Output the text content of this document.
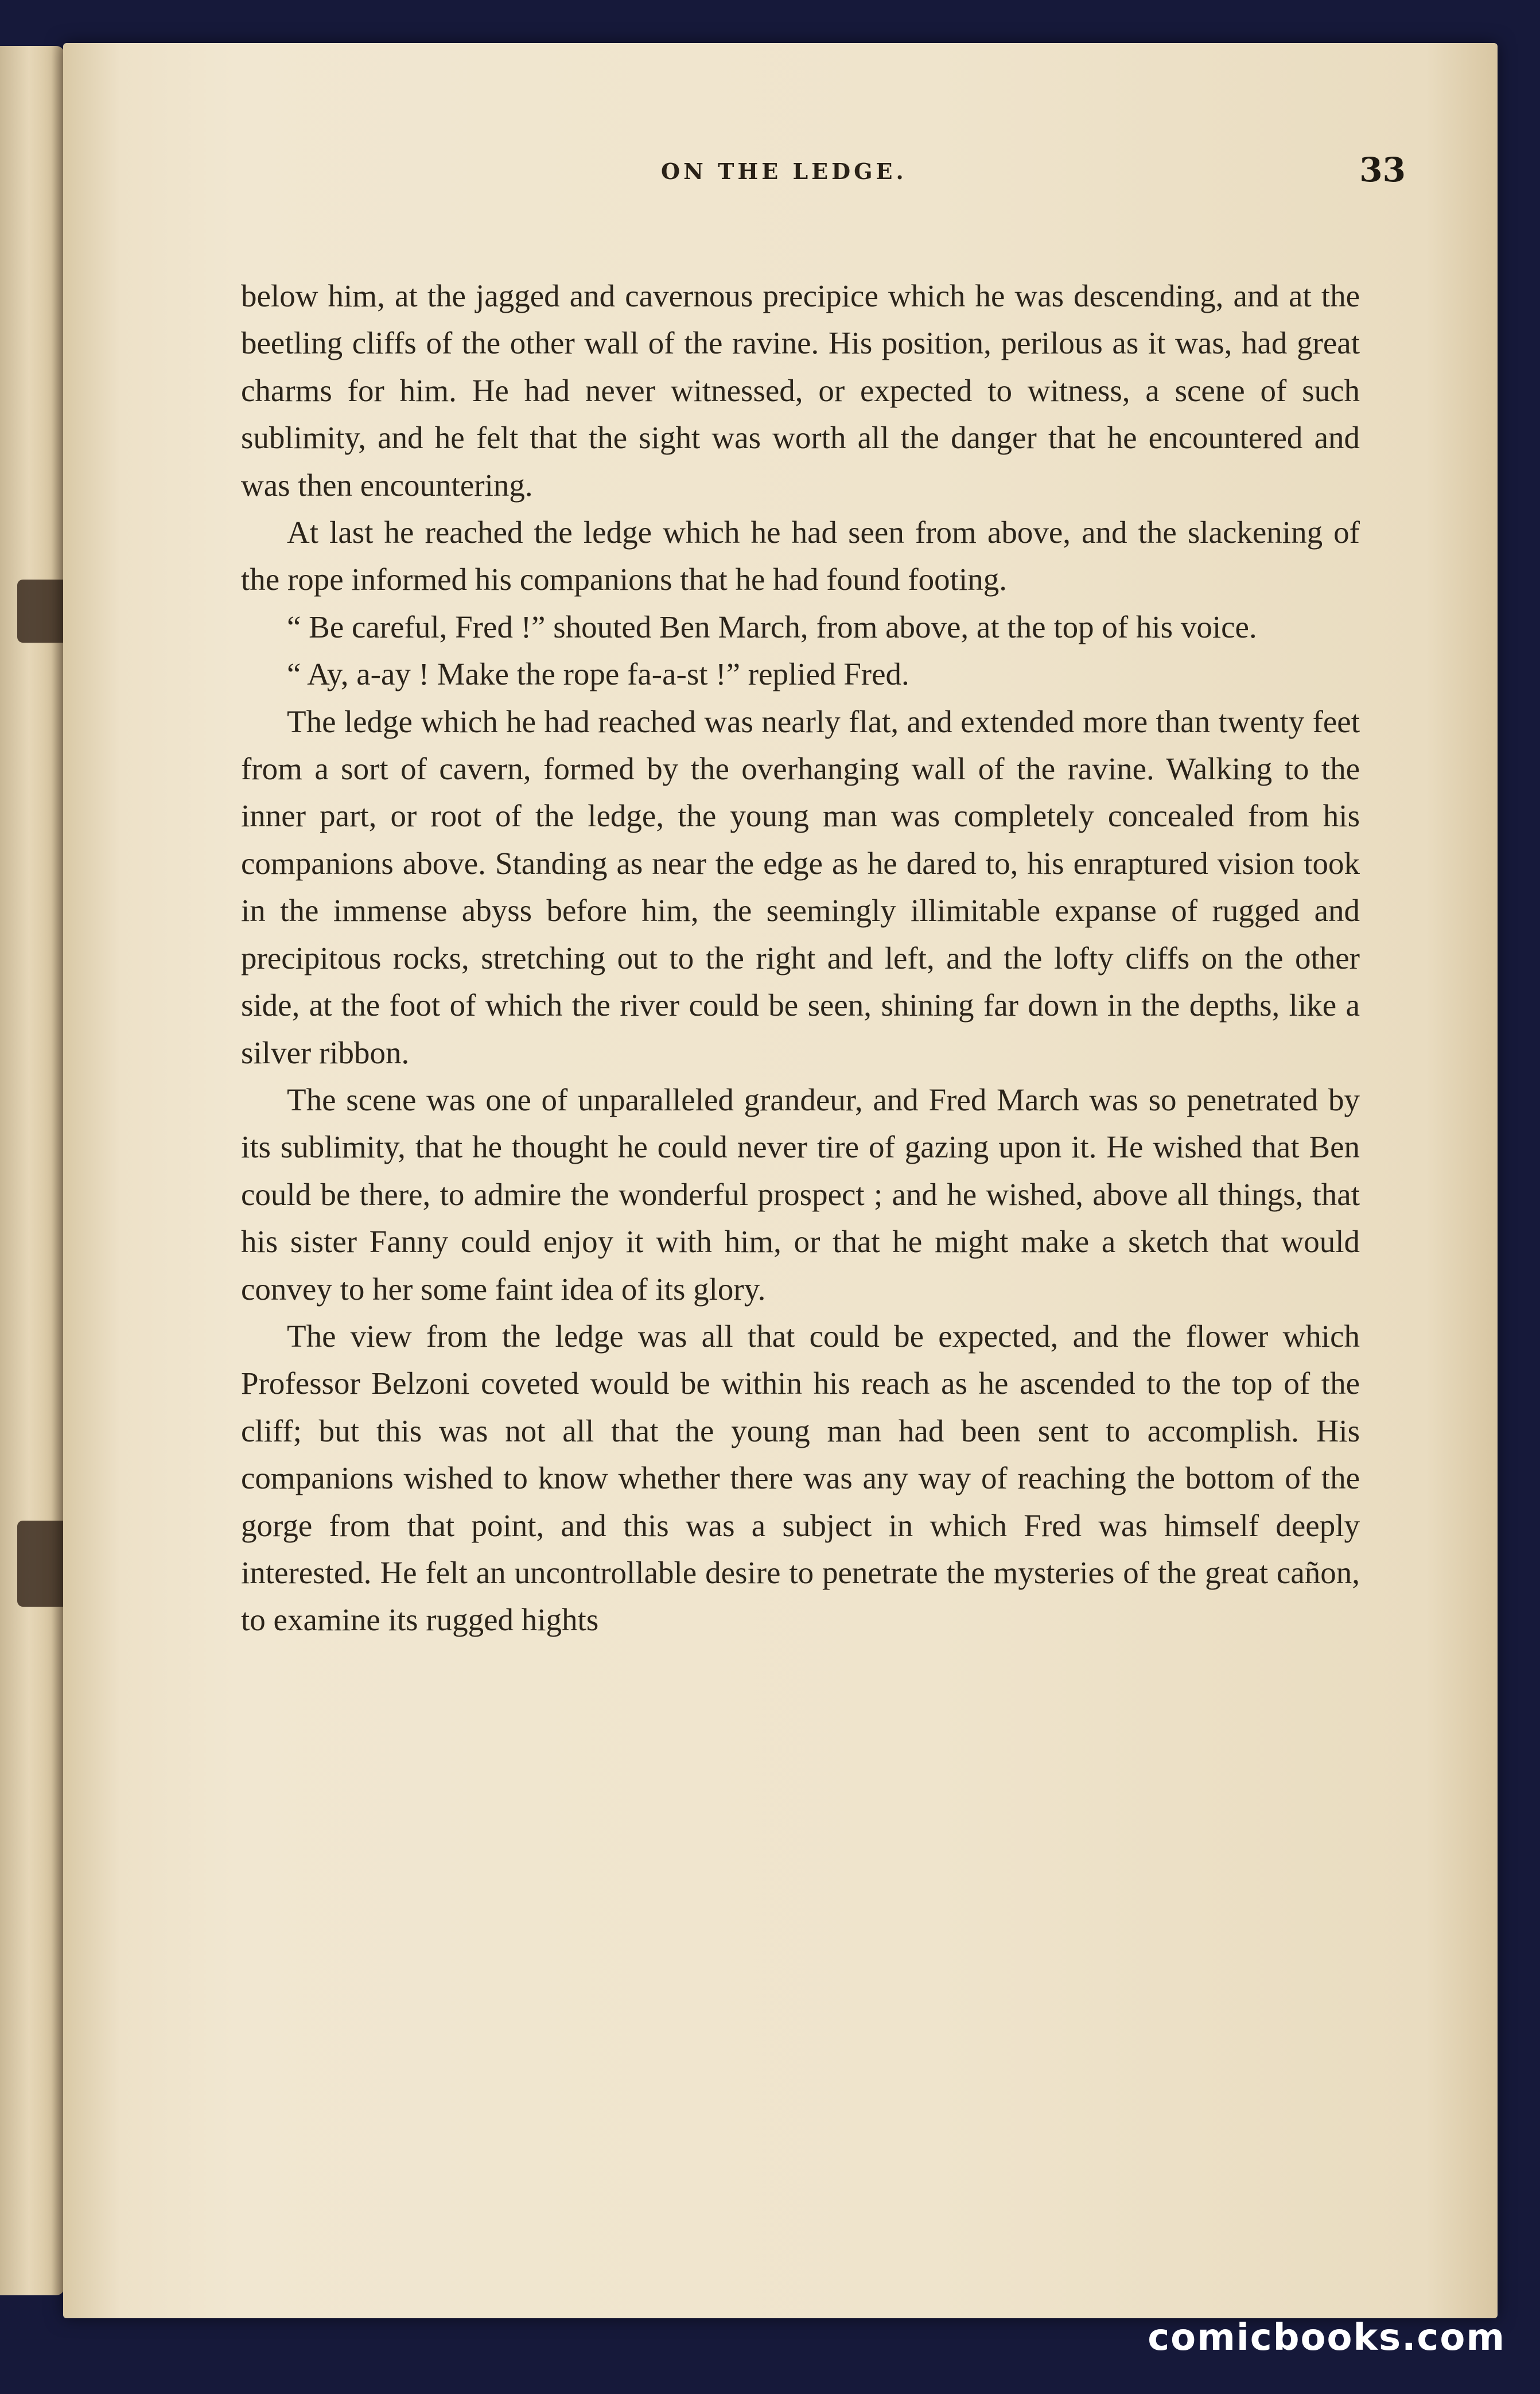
ON THE LEDGE.	33

below him, at the jagged and cavernous precipice which he was descending, and at the beetling cliffs of the other wall of the ravine. His position, perilous as it was, had great charms for him. He had never witnessed, or expected to witness, a scene of such sublimity, and he felt that the sight was worth all the danger that he encountered and was then encountering.

At last he reached the ledge which he had seen from above, and the slackening of the rope informed his companions that he had found footing.

“ Be careful, Fred !” shouted Ben March, from above, at the top of his voice.

“ Ay, a-ay ! Make the rope fa-a-st !” replied Fred.

The ledge which he had reached was nearly flat, and extended more than twenty feet from a sort of cavern, formed by the overhanging wall of the ravine. Walking to the inner part, or root of the ledge, the young man was completely concealed from his companions above. Standing as near the edge as he dared to, his enraptured vision took in the immense abyss before him, the seemingly illimitable expanse of rugged and precipitous rocks, stretching out to the right and left, and the lofty cliffs on the other side, at the foot of which the river could be seen, shining far down in the depths, like a silver ribbon.

The scene was one of unparalleled grandeur, and Fred March was so penetrated by its sublimity, that he thought he could never tire of gazing upon it. He wished that Ben could be there, to admire the wonderful prospect ; and he wished, above all things, that his sister Fanny could enjoy it with him, or that he might make a sketch that would convey to her some faint idea of its glory.

The view from the ledge was all that could be expected, and the flower which Professor Belzoni coveted would be within his reach as he ascended to the top of the cliff; but this was not all that the young man had been sent to accomplish. His companions wished to know whether there was any way of reaching the bottom of the gorge from that point, and this was a subject in which Fred was himself deeply interested. He felt an uncontrollable desire to penetrate the mysteries of the great cañon, to examine its rugged hights

comicbooks.com
